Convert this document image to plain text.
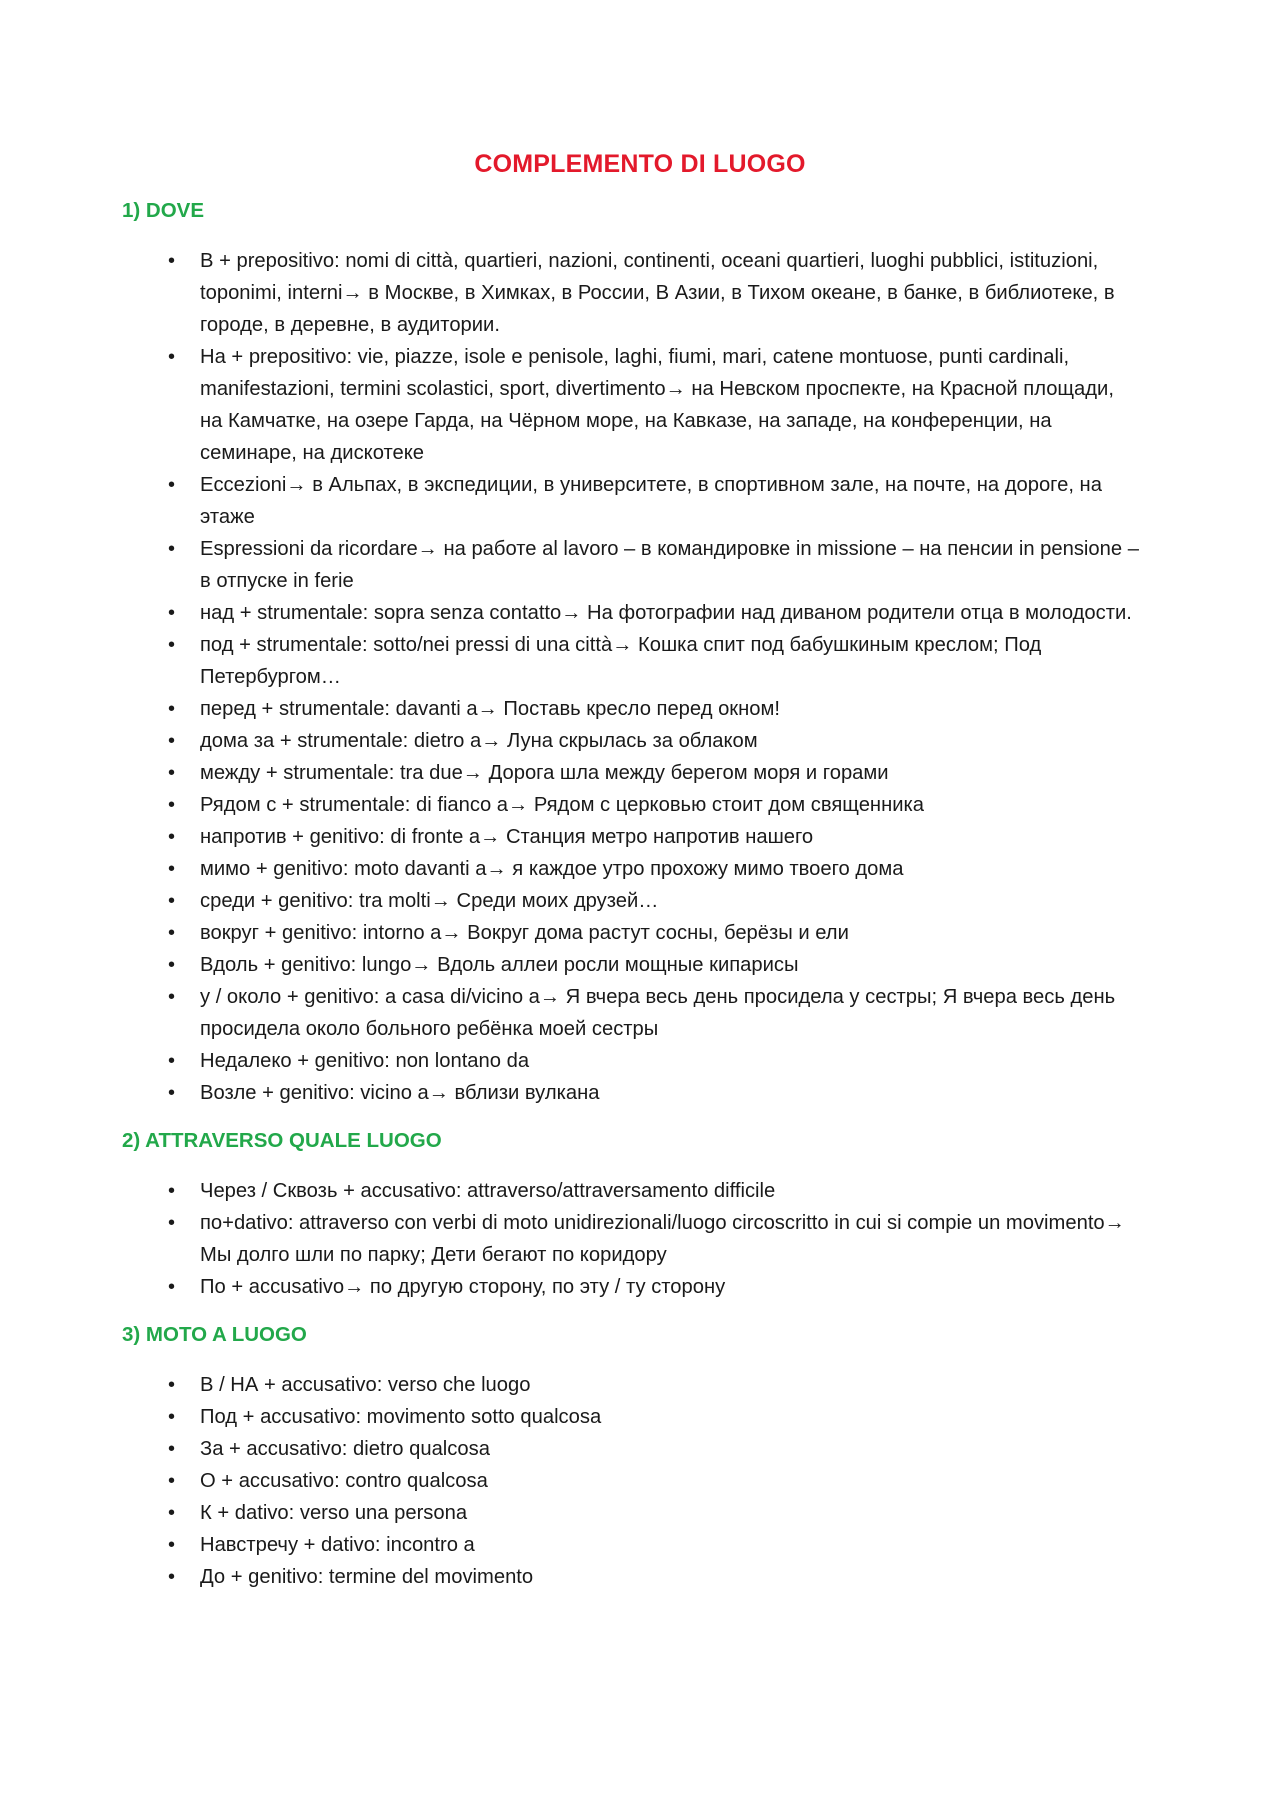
COMPLEMENTO DI LUOGO
1) DOVE
• В + prepositivo: nomi di città, quartieri, nazioni, continenti, oceani quartieri, luoghi pubblici, istituzioni, toponimi, interni→ в Москве, в Химках, в России, В Азии, в Тихом океане, в банке, в библиотеке, в городе, в деревне, в аудитории.
• На + prepositivo: vie, piazze, isole e penisole, laghi, fiumi, mari, catene montuose, punti cardinali, manifestazioni, termini scolastici, sport, divertimento→ на Невском проспекте, на Красной площади, на Камчатке, на озере Гарда, на Чёрном море, на Кавказе, на западе, на конференции, на семинаре, на дискотеке
• Eccezioni→ в Альпах, в экспедиции, в университете, в спортивном зале, на почте, на дороге, на этаже
• Espressioni da ricordare→ на работе al lavoro – в командировке in missione – на пенсии in pensione – в отпуске in ferie
• над + strumentale: sopra senza contatto→ На фотографии над диваном родители отца в молодости.
• под + strumentale: sotto/nei pressi di una città→ Кошка спит под бабушкиным креслом; Под Петербургом…
• перед + strumentale: davanti a→ Поставь кресло перед окном!
• дома за + strumentale: dietro a→ Луна скрылась за облаком
• между + strumentale: tra due→ Дорога шла между берегом моря и горами
• Рядом с + strumentale: di fianco a→ Рядом с церковью стоит дом священника
• напротив + genitivo: di fronte a→ Станция метро напротив нашего
• мимо + genitivo: moto davanti a→ я каждое утро прохожу мимо твоего дома
• среди + genitivo: tra molti→ Среди моих друзей…
• вокруг + genitivo: intorno a→ Вокруг дома растут сосны, берёзы и ели
• Вдоль + genitivo: lungo→ Вдоль аллеи росли мощные кипарисы
• у / около + genitivo: a casa di/vicino a→ Я вчера весь день просидела у сестры; Я вчера весь день просидела около больного ребёнка моей сестры
• Недалеко + genitivo: non lontano da
• Возле + genitivo: vicino a→ вблизи вулкана
2) ATTRAVERSO QUALE LUOGO
• Через / Сквозь + accusativo: attraverso/attraversamento difficile
• по+dativo: attraverso con verbi di moto unidirezionali/luogo circoscritto in cui si compie un movimento→ Мы долго шли по парку; Дети бегают по коридору
• По + accusativo→ по другую сторону, по эту / ту сторону
3) MOTO A LUOGO
• В / НА + accusativo: verso che luogo
• Под + accusativo: movimento sotto qualcosa
• За + accusativo: dietro qualcosa
• О + accusativo: contro qualcosa
• К + dativo: verso una persona
• Навстречу + dativo: incontro a
• До + genitivo: termine del movimento
